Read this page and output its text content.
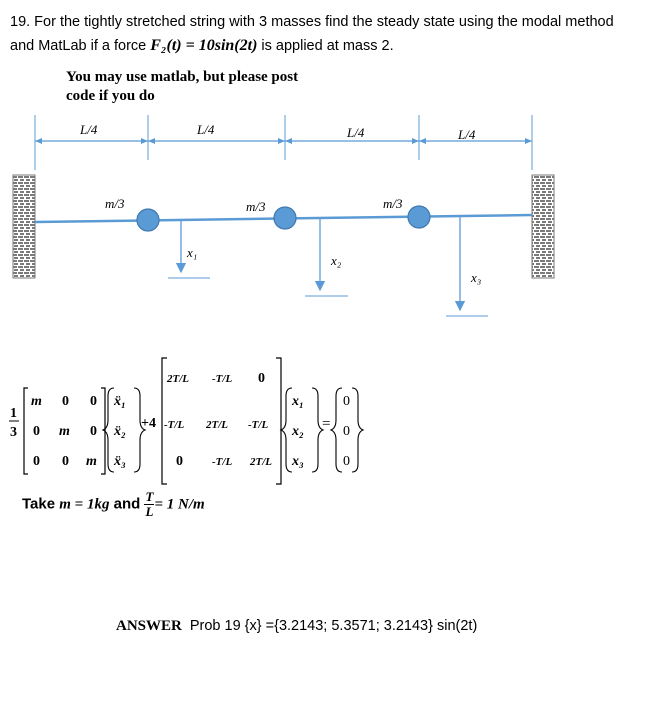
19. For the tightly stretched string with 3 masses find the steady state using the modal method
and MatLab if a force F₂(t) = 10sin(2t) is applied at mass 2.
You may use matlab, but please post
code if you do
L/4	L/4	L/4	L/4
m/3	m/3	m/3
x₁
x₂
x₃
1
3
m 0 0
0 m 0
0 0 m
ẍ₁
ẍ₂
ẍ₃
+4
2T/L -T/L 0
-T/L 2T/L -T/L
0	-T/L 2T/L
x₁
x₂
x₃
=
0
0
0
Take m = 1kg and $\frac{T}{L} = 1$ N/m
ANSWER Prob 19 {x} ={3.2143; 5.3571; 3.2143} sin(2t)
